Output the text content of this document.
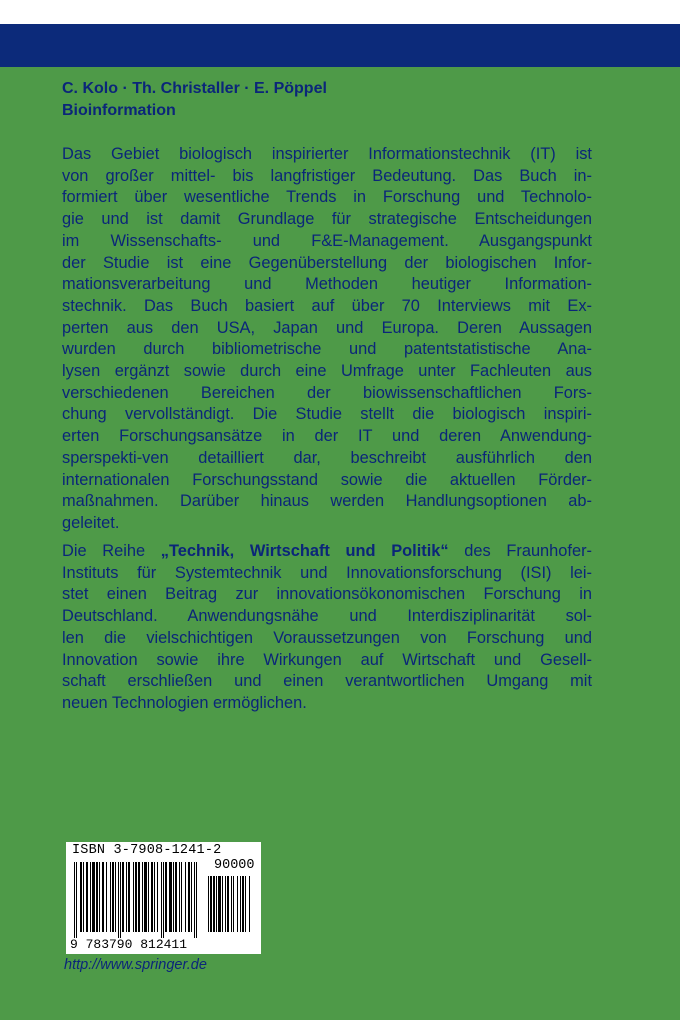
C. Kolo · Th. Christaller · E. Pöppel
Bioinformation
Das Gebiet biologisch inspirierter Informationstechnik (IT) ist
von großer mittel- bis langfristiger Bedeutung. Das Buch in-
formiert über wesentliche Trends in Forschung und Technolo-
gie und ist damit Grundlage für strategische Entscheidungen
im Wissenschafts- und F&E-Management. Ausgangspunkt
der Studie ist eine Gegenüberstellung der biologischen Infor-
mationsverarbeitung und Methoden heutiger Information-
stechnik. Das Buch basiert auf über 70 Interviews mit Ex-
perten aus den USA, Japan und Europa. Deren Aussagen
wurden durch bibliometrische und patentstatistische Ana-
lysen ergänzt sowie durch eine Umfrage unter Fachleuten aus
verschiedenen Bereichen der biowissenschaftlichen Fors-
chung vervollständigt. Die Studie stellt die biologisch inspiri-
erten Forschungsansätze in der IT und deren Anwendung-
sperspekti-ven detailliert dar, beschreibt ausführlich den
internationalen Forschungsstand sowie die aktuellen Förder-
maßnahmen. Darüber hinaus werden Handlungsoptionen ab-
geleitet.
Die Reihe „Technik, Wirtschaft und Politik“ des Fraunhofer-
Instituts für Systemtechnik und Innovationsforschung (ISI) lei-
stet einen Beitrag zur innovationsökonomischen Forschung in
Deutschland. Anwendungsnähe und Interdisziplinarität sol-
len die vielschichtigen Voraussetzungen von Forschung und
Innovation sowie ihre Wirkungen auf Wirtschaft und Gesell-
schaft erschließen und einen verantwortlichen Umgang mit
neuen Technologien ermöglichen.
ISBN 3-7908-1241-2
90000
9 783790 812411
http://www.springer.de
